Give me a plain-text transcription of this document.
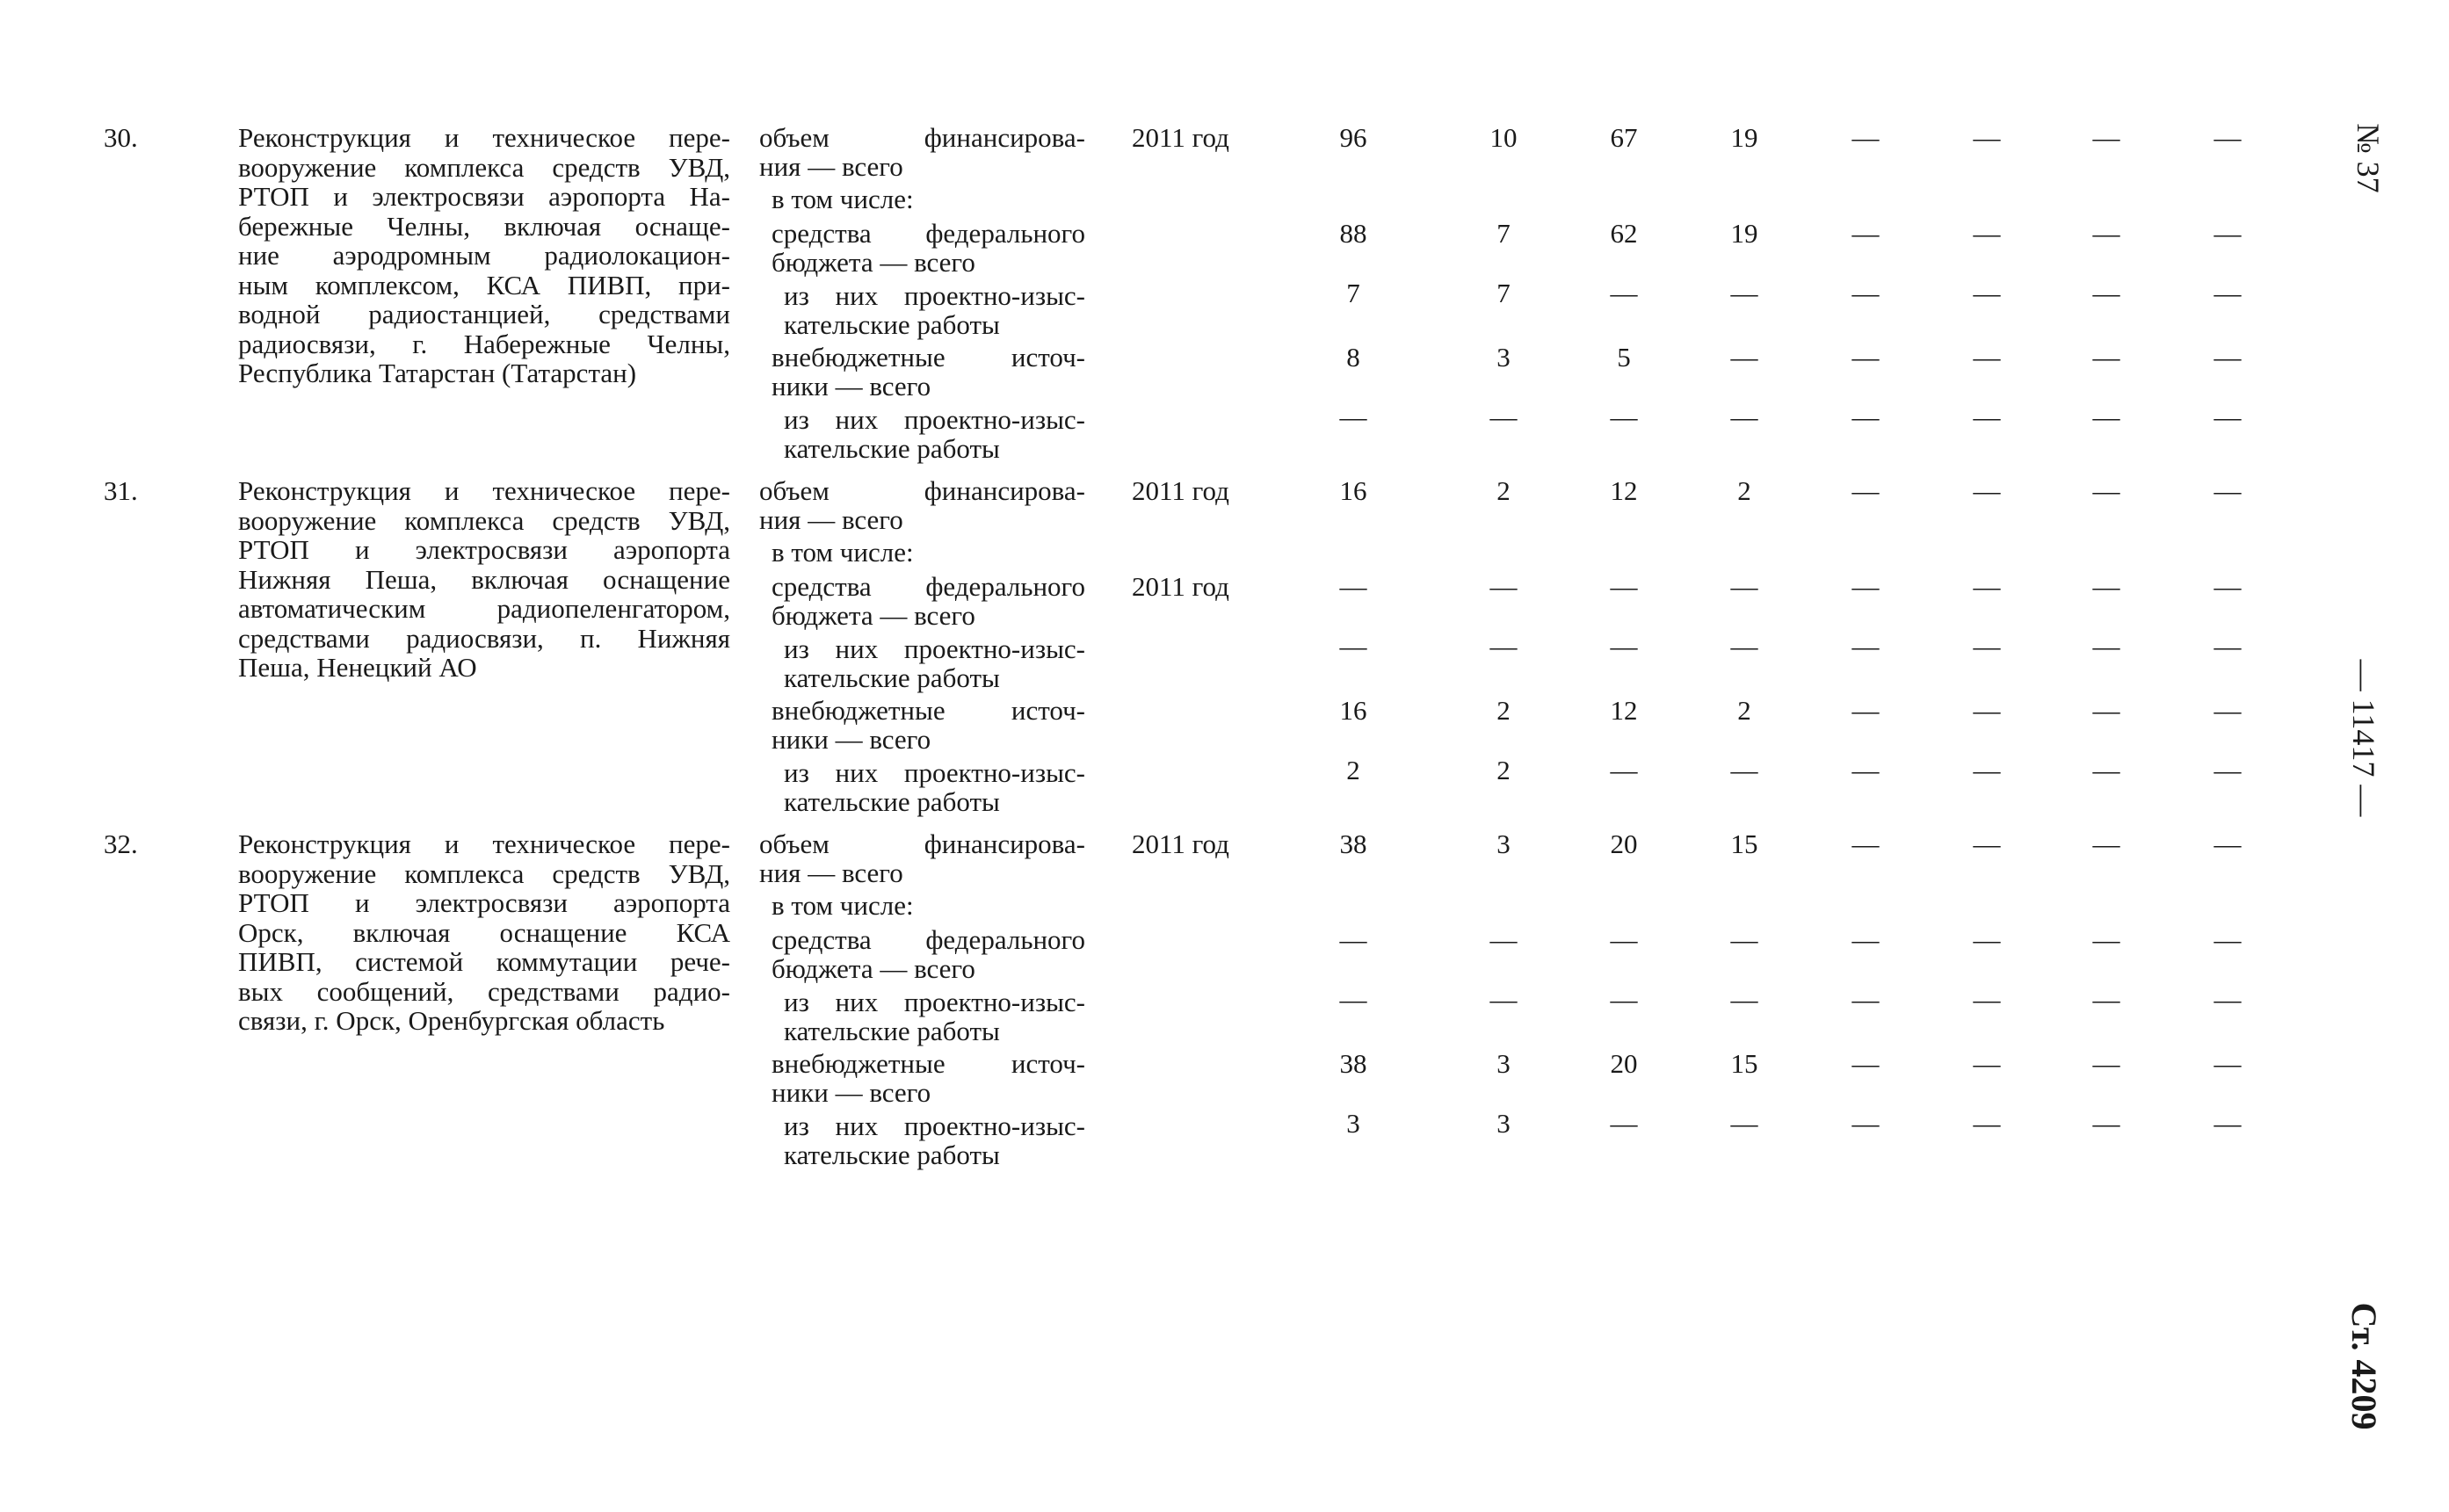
№ 37
— 11417 —
Ст. 4209
30.	Реконструкция и техническое пере-
вооружение комплекса средств УВД,
РТОП и электросвязи аэропорта На-
бережные Челны, включая оснаще-
ние аэродромным радиолокацион-
ным комплексом, КСА ПИВП, при-
водной радиостанцией, средствами
радиосвязи, г. Набережные Челны,
Республика Татарстан (Татарстан)
объем финансирова-
ния — всего
2011 год	96	10	67	19	—	—	—	—
в том числе:
средства федерального
бюджета — всего
88	7	62	19	—	—	—	—
из них проектно-изыс-
кательские работы
7	7	—	—	—	—	—	—
внебюджетные источ-
ники — всего
8	3	5	—	—	—	—	—
из них проектно-изыс-
кательские работы
—	—	—	—	—	—	—	—
31.	Реконструкция и техническое пере-
вооружение комплекса средств УВД,
РТОП и электросвязи аэропорта
Нижняя Пеша, включая оснащение
автоматическим радиопеленгатором,
средствами радиосвязи, п. Нижняя
Пеша, Ненецкий АО
объем финансирова-
ния — всего
2011 год	16	2	12	2	—	—	—	—
в том числе:
средства федерального
бюджета — всего
2011 год	—	—	—	—	—	—	—	—
из них проектно-изыс-
кательские работы
—	—	—	—	—	—	—	—
внебюджетные источ-
ники — всего
16	2	12	2	—	—	—	—
из них проектно-изыс-
кательские работы
2	2	—	—	—	—	—	—
32.	Реконструкция и техническое пере-
вооружение комплекса средств УВД,
РТОП и электросвязи аэропорта
Орск, включая оснащение КСА
ПИВП, системой коммутации рече-
вых сообщений, средствами радио-
связи, г. Орск, Оренбургская область
объем финансирова-
ния — всего
2011 год	38	3	20	15	—	—	—	—
в том числе:
средства федерального
бюджета — всего
—	—	—	—	—	—	—	—
из них проектно-изыс-
кательские работы
—	—	—	—	—	—	—	—
внебюджетные источ-
ники — всего
38	3	20	15	—	—	—	—
из них проектно-изыс-
кательские работы
3	3	—	—	—	—	—	—
